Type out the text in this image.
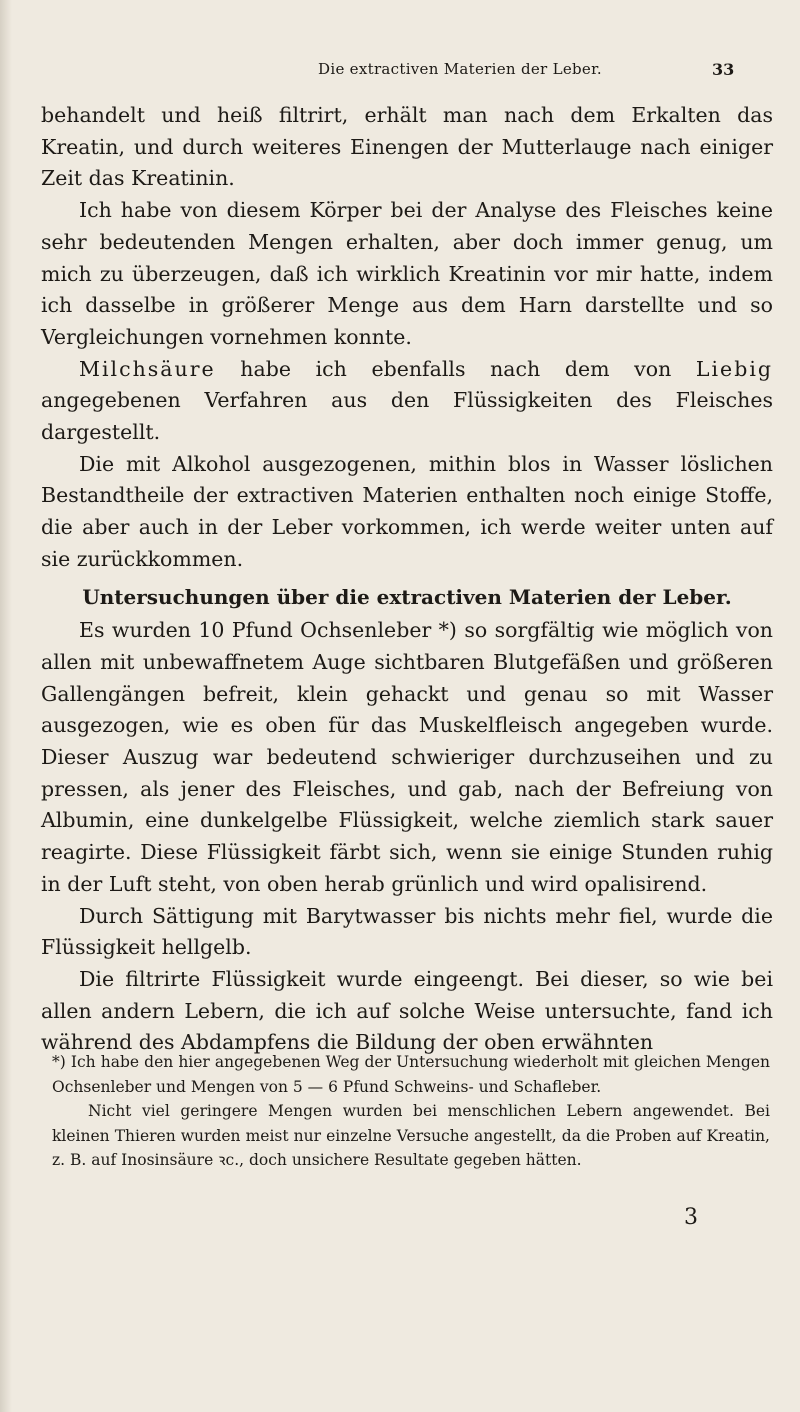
Die extractiven Materien der Leber.	33

behandelt und heiß filtrirt, erhält man nach dem Erkalten das Kreatin, und durch weiteres Einengen der Mutterlauge nach einiger Zeit das Kreatinin.

Ich habe von diesem Körper bei der Analyse des Fleisches keine sehr bedeutenden Mengen erhalten, aber doch immer genug, um mich zu überzeugen, daß ich wirklich Kreatinin vor mir hatte, indem ich dasselbe in größerer Menge aus dem Harn darstellte und so Vergleichungen vornehmen konnte.

Milchsäure habe ich ebenfalls nach dem von Liebig angegebenen Verfahren aus den Flüssigkeiten des Fleisches dargestellt.

Die mit Alkohol ausgezogenen, mithin blos in Wasser löslichen Bestandtheile der extractiven Materien enthalten noch einige Stoffe, die aber auch in der Leber vorkommen, ich werde weiter unten auf sie zurückkommen.

Untersuchungen über die extractiven Materien der Leber.

Es wurden 10 Pfund Ochsenleber *) so sorgfältig wie möglich von allen mit unbewaffnetem Auge sichtbaren Blutgefäßen und größeren Gallengängen befreit, klein gehackt und genau so mit Wasser ausgezogen, wie es oben für das Muskelfleisch angegeben wurde. Dieser Auszug war bedeutend schwieriger durchzuseihen und zu pressen, als jener des Fleisches, und gab, nach der Befreiung von Albumin, eine dunkelgelbe Flüssigkeit, welche ziemlich stark sauer reagirte. Diese Flüssigkeit färbt sich, wenn sie einige Stunden ruhig in der Luft steht, von oben herab grünlich und wird opalisirend.

Durch Sättigung mit Barytwasser bis nichts mehr fiel, wurde die Flüssigkeit hellgelb.

Die filtrirte Flüssigkeit wurde eingeengt. Bei dieser, so wie bei allen andern Lebern, die ich auf solche Weise untersuchte, fand ich während des Abdampfens die Bildung der oben erwähnten

*) Ich habe den hier angegebenen Weg der Untersuchung wiederholt mit gleichen Mengen Ochsenleber und Mengen von 5 — 6 Pfund Schweins- und Schafleber.

Nicht viel geringere Mengen wurden bei menschlichen Lebern angewendet. Bei kleinen Thieren wurden meist nur einzelne Versuche angestellt, da die Proben auf Kreatin, z. B. auf Inosinsäure ꝛc., doch unsichere Resultate gegeben hätten.

3
